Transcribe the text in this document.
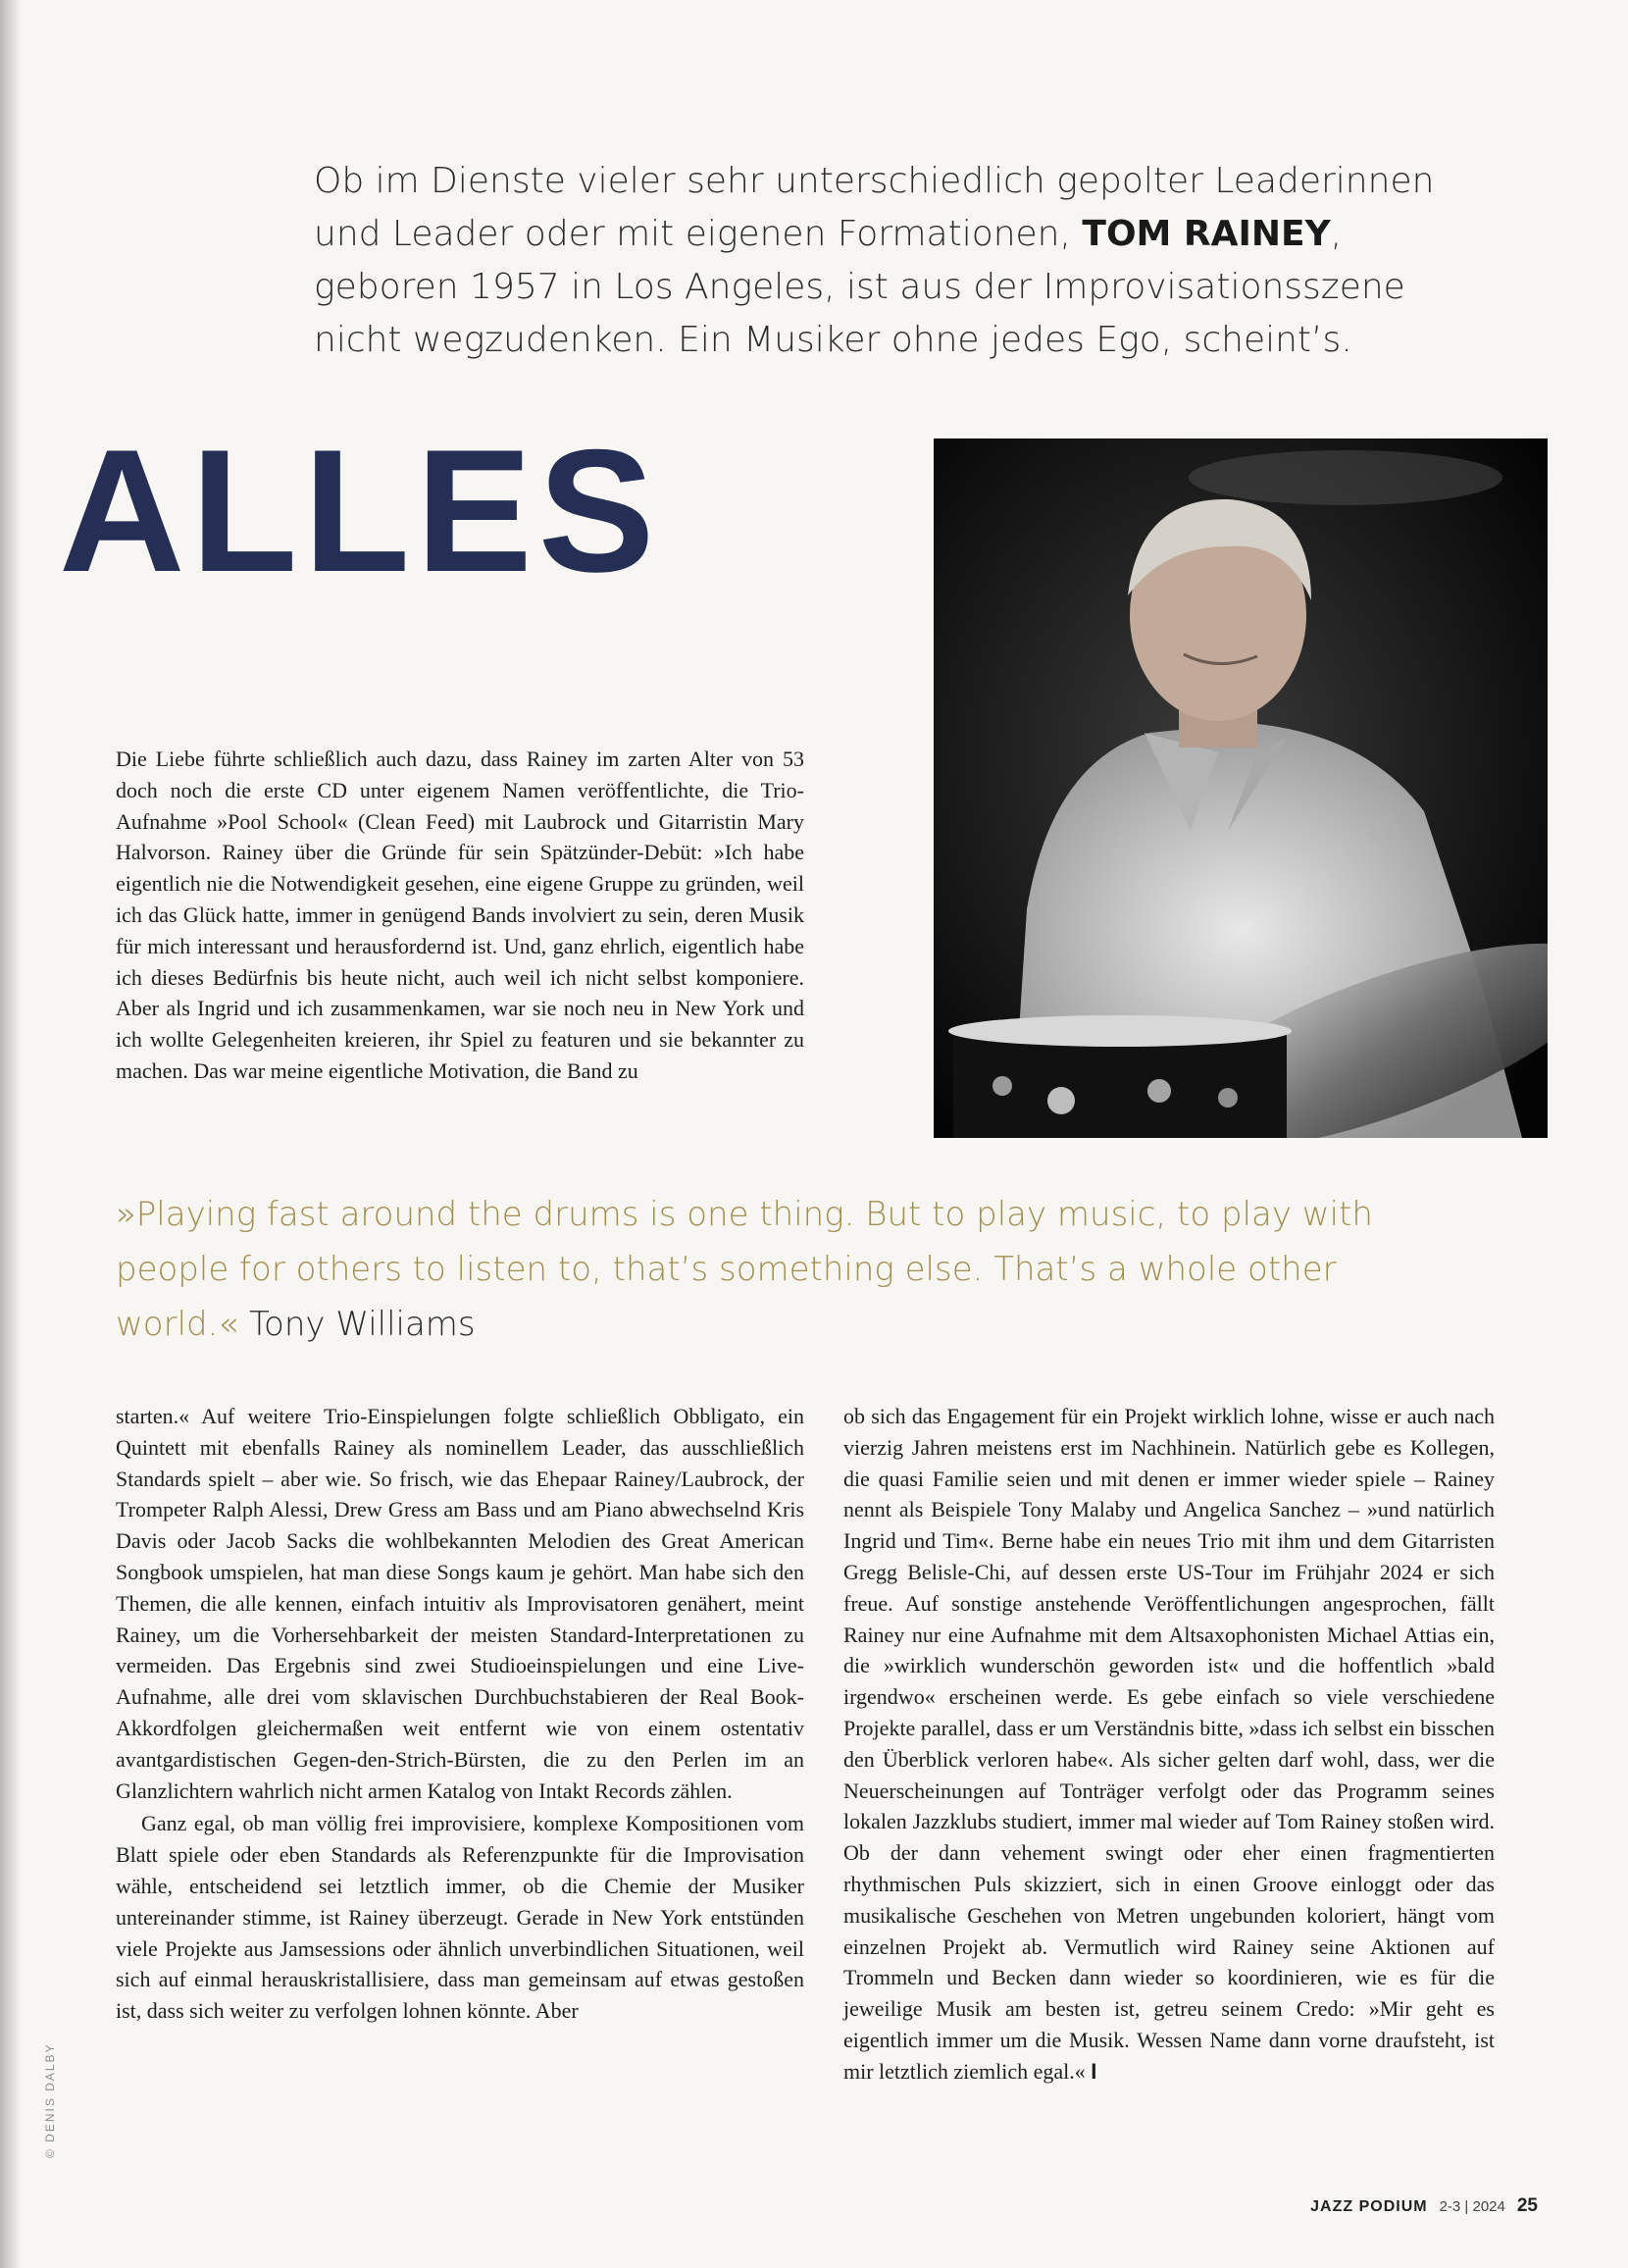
Ob im Dienste vieler sehr unterschiedlich gepolter Leaderinnen und Leader oder mit eigenen Formationen, TOM RAINEY, geboren 1957 in Los Angeles, ist aus der Improvisationsszene nicht wegzudenken. Ein Musiker ohne jedes Ego, scheint’s.

ALLES

Die Liebe führte schließlich auch dazu, dass Rainey im zarten Alter von 53 doch noch die erste CD unter eigenem Namen veröffentlichte, die Trio-Aufnahme »Pool School« (Clean Feed) mit Laubrock und Gitarristin Mary Halvorson. Rainey über die Gründe für sein Spätzünder-Debüt: »Ich habe eigentlich nie die Notwendigkeit gesehen, eine eigene Gruppe zu gründen, weil ich das Glück hatte, immer in genügend Bands involviert zu sein, deren Musik für mich interessant und herausfordernd ist. Und, ganz ehrlich, eigentlich habe ich dieses Bedürfnis bis heute nicht, auch weil ich nicht selbst komponiere. Aber als Ingrid und ich zusammenkamen, war sie noch neu in New York und ich wollte Gelegenheiten kreieren, ihr Spiel zu featuren und sie bekannter zu machen. Das war meine eigentliche Motivation, die Band zu

»Playing fast around the drums is one thing. But to play music, to play with people for others to listen to, that’s something else. That’s a whole other world.« Tony Williams

starten.« Auf weitere Trio-Einspielungen folgte schließlich Obbligato, ein Quintett mit ebenfalls Rainey als nominellem Leader, das ausschließlich Standards spielt – aber wie. So frisch, wie das Ehepaar Rainey/Laubrock, der Trompeter Ralph Alessi, Drew Gress am Bass und am Piano abwechselnd Kris Davis oder Jacob Sacks die wohlbekannten Melodien des Great American Songbook umspielen, hat man diese Songs kaum je gehört. Man habe sich den Themen, die alle kennen, einfach intuitiv als Improvisatoren genähert, meint Rainey, um die Vorhersehbarkeit der meisten Standard-Interpretationen zu vermeiden. Das Ergebnis sind zwei Studioeinspielungen und eine Live-Aufnahme, alle drei vom sklavischen Durchbuchstabieren der Real Book-Akkordfolgen gleichermaßen weit entfernt wie von einem ostentativ avantgardistischen Gegen-den-Strich-Bürsten, die zu den Perlen im an Glanzlichtern wahrlich nicht armen Katalog von Intakt Records zählen.

Ganz egal, ob man völlig frei improvisiere, komplexe Kompositionen vom Blatt spiele oder eben Standards als Referenzpunkte für die Improvisation wähle, entscheidend sei letztlich immer, ob die Chemie der Musiker untereinander stimme, ist Rainey überzeugt. Gerade in New York entstünden viele Projekte aus Jamsessions oder ähnlich unverbindlichen Situationen, weil sich auf einmal herauskristallisiere, dass man gemeinsam auf etwas gestoßen ist, dass sich weiter zu verfolgen lohnen könnte. Aber

ob sich das Engagement für ein Projekt wirklich lohne, wisse er auch nach vierzig Jahren meistens erst im Nachhinein. Natürlich gebe es Kollegen, die quasi Familie seien und mit denen er immer wieder spiele – Rainey nennt als Beispiele Tony Malaby und Angelica Sanchez – »und natürlich Ingrid und Tim«. Berne habe ein neues Trio mit ihm und dem Gitarristen Gregg Belisle-Chi, auf dessen erste US-Tour im Frühjahr 2024 er sich freue. Auf sonstige anstehende Veröffentlichungen angesprochen, fällt Rainey nur eine Aufnahme mit dem Altsaxophonisten Michael Attias ein, die »wirklich wunderschön geworden ist« und die hoffentlich »bald irgendwo« erscheinen werde. Es gebe einfach so viele verschiedene Projekte parallel, dass er um Verständnis bitte, »dass ich selbst ein bisschen den Überblick verloren habe«. Als sicher gelten darf wohl, dass, wer die Neuerscheinungen auf Tonträger verfolgt oder das Programm seines lokalen Jazzklubs studiert, immer mal wieder auf Tom Rainey stoßen wird. Ob der dann vehement swingt oder eher einen fragmentierten rhythmischen Puls skizziert, sich in einen Groove einloggt oder das musikalische Geschehen von Metren ungebunden koloriert, hängt vom einzelnen Projekt ab. Vermutlich wird Rainey seine Aktionen auf Trommeln und Becken dann wieder so koordinieren, wie es für die jeweilige Musik am besten ist, getreu seinem Credo: »Mir geht es eigentlich immer um die Musik. Wessen Name dann vorne draufsteht, ist mir letztlich ziemlich egal.« I

© DENIS DALBY
JAZZ PODIUM 2-3 | 2024 25
